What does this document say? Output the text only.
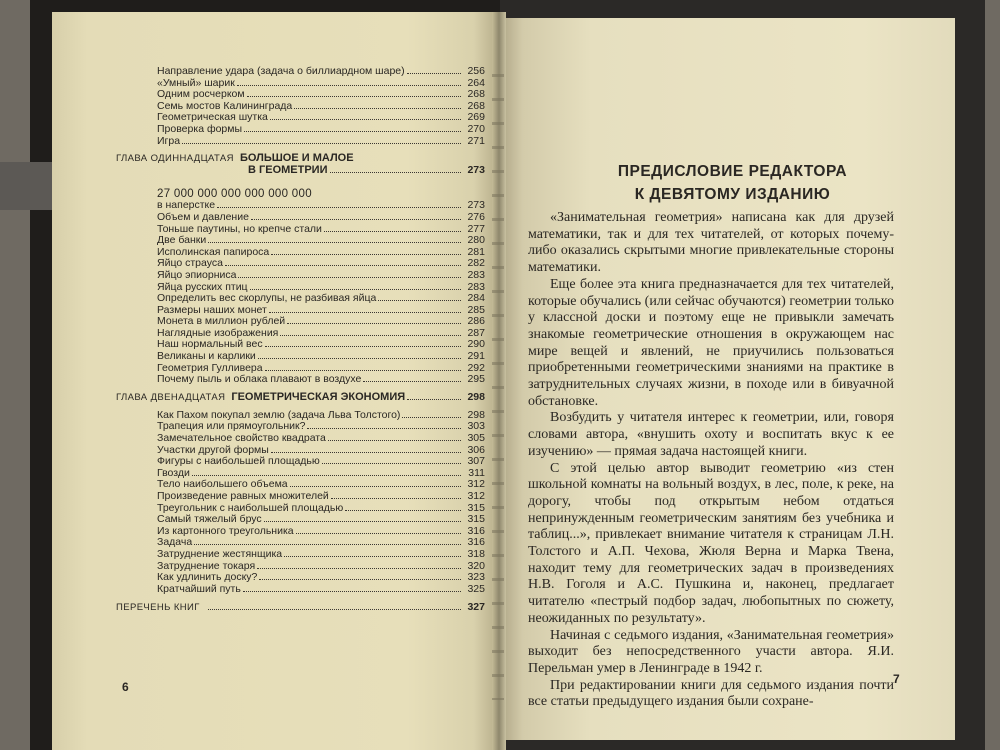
Направление удара (задача о биллиардном шаре)	256
«Умный» шарик	264
Одним росчерком	268
Семь мостов Калининграда	268
Геометрическая шутка	269
Проверка формы	270
Игра	271
ГЛАВА ОДИННАДЦАТАЯ БОЛЬШОЕ И МАЛОЕ
В ГЕОМЕТРИИ	273
27 000 000 000 000 000 000
в наперстке	273
Объем и давление	276
Тоньше паутины, но крепче стали	277
Две банки	280
Исполинская папироса	281
Яйцо страуса	282
Яйцо эпиорниса	283
Яйца русских птиц	283
Определить вес скорлупы, не разбивая яйца	284
Размеры наших монет	285
Монета в миллион рублей	286
Наглядные изображения	287
Наш нормальный вес	290
Великаны и карлики	291
Геометрия Гулливера	292
Почему пыль и облака плавают в воздухе	295
ГЛАВА ДВЕНАДЦАТАЯ ГЕОМЕТРИЧЕСКАЯ ЭКОНОМИЯ	298
Как Пахом покупал землю (задача Льва Толстого)	298
Трапеция или прямоугольник?	303
Замечательное свойство квадрата	305
Участки другой формы	306
Фигуры с наибольшей площадью	307
Гвозди	311
Тело наибольшего объема	312
Произведение равных множителей	312
Треугольник с наибольшей площадью	315
Самый тяжелый брус	315
Из картонного треугольника	316
Задача	316
Затруднение жестянщика	318
Затруднение токаря	320
Как удлинить доску?	323
Кратчайший путь	325
ПЕРЕЧЕНЬ КНИГ	327
6
ПРЕДИСЛОВИЕ РЕДАКТОРА
К ДЕВЯТОМУ ИЗДАНИЮ

«Занимательная геометрия» написана как для друзей математики, так и для тех читателей, от которых почему-либо оказались скрытыми многие привлекательные стороны математики.

Еще более эта книга предназначается для тех читателей, которые обучались (или сейчас обучаются) геометрии только у классной доски и поэтому еще не привыкли замечать знакомые геометрические отношения в окружающем нас мире вещей и явлений, не приучились пользоваться приобретенными геометрическими знаниями на практике в затруднительных случаях жизни, в походе или в бивуачной обстановке.

Возбудить у читателя интерес к геометрии, или, говоря словами автора, «внушить охоту и воспитать вкус к ее изучению» — прямая задача настоящей книги.

С этой целью автор выводит геометрию «из стен школьной комнаты на вольный воздух, в лес, поле, к реке, на дорогу, чтобы под открытым небом отдаться непринужденным геометрическим занятиям без учебника и таблиц...», привлекает внимание читателя к страницам Л.Н. Толстого и А.П. Чехова, Жюля Верна и Марка Твена, находит тему для геометрических задач в произведениях Н.В. Гоголя и А.С. Пушкина и, наконец, предлагает читателю «пестрый подбор задач, любопытных по сюжету, неожиданных по результату».

Начиная с седьмого издания, «Занимательная геометрия» выходит без непосредственного участи автора. Я.И. Перельман умер в Ленинграде в 1942 г.

При редактировании книги для седьмого издания почти все статьи предыдущего издания были сохране-

7
